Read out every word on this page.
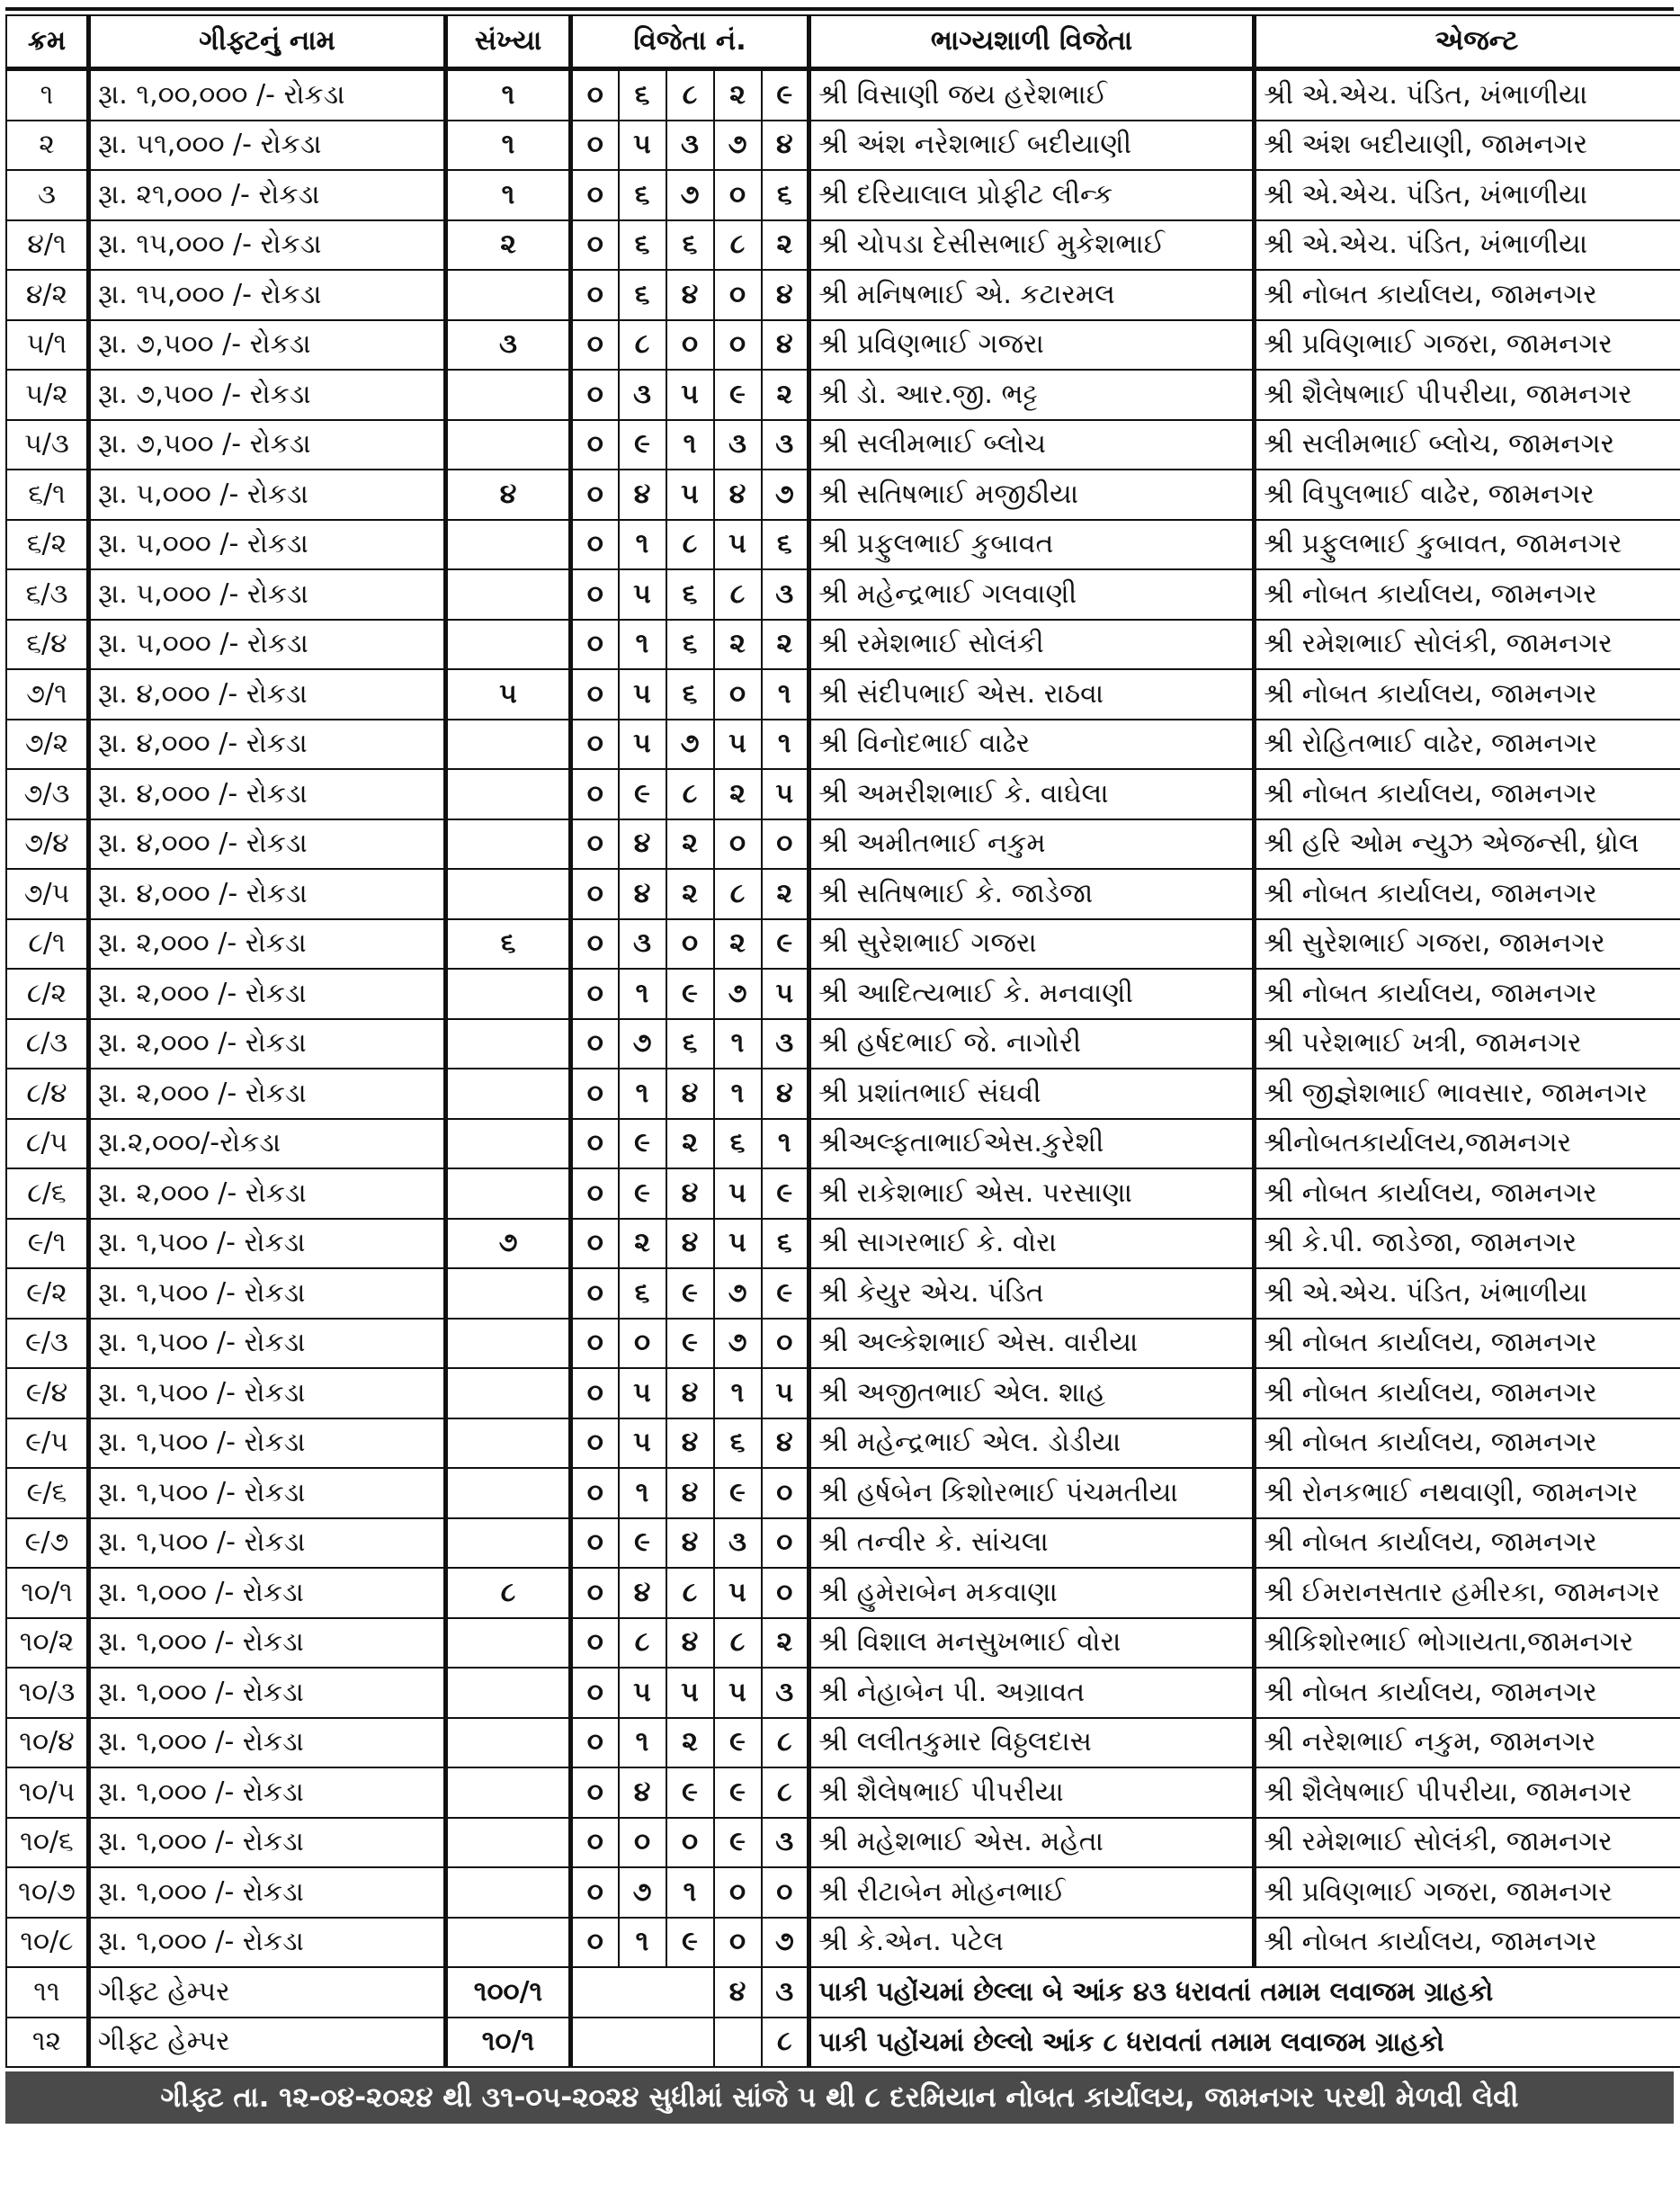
ક્રમ	ગીફ્ટનું નામ	સંખ્યા	વિજેતા નં.					ભાગ્યશાળી વિજેતા	એજન્ટ
૧	રૂા. ૧,૦૦,૦૦૦ /- રોકડા	૧	૦	૬	૮	૨	૯	શ્રી વિસાણી જય હરેશભાઈ	શ્રી એ.એચ. પંડિત, ખંભાળીયા
૨	રૂા. ૫૧,૦૦૦ /- રોકડા	૧	૦	૫	૩	૭	૪	શ્રી અંશ નરેશભાઈ બદીયાણી	શ્રી અંશ બદીયાણી, જામનગર
૩	રૂા. ૨૧,૦૦૦ /- રોકડા	૧	૦	૬	૭	૦	૬	શ્રી દરિયાલાલ પ્રોફીટ લીન્ક	શ્રી એ.એચ. પંડિત, ખંભાળીયા
૪/૧	રૂા. ૧૫,૦૦૦ /- રોકડા	૨	૦	૬	૬	૮	૨	શ્રી ચોપડા દેસીસભાઈ મુકેશભાઈ	શ્રી એ.એચ. પંડિત, ખંભાળીયા
૪/૨	રૂા. ૧૫,૦૦૦ /- રોકડા		૦	૬	૪	૦	૪	શ્રી મનિષભાઈ એ. કટારમલ	શ્રી નોબત કાર્યાલય, જામનગર
૫/૧	રૂા. ૭,૫૦૦ /- રોકડા	૩	૦	૮	૦	૦	૪	શ્રી પ્રવિણભાઈ ગજરા	શ્રી પ્રવિણભાઈ ગજરા, જામનગર
૫/૨	રૂા. ૭,૫૦૦ /- રોકડા		૦	૩	૫	૯	૨	શ્રી ડો. આર.જી. ભટ્ટ	શ્રી શૈલેષભાઈ પીપરીયા, જામનગર
૫/૩	રૂા. ૭,૫૦૦ /- રોકડા		૦	૯	૧	૩	૩	શ્રી સલીમભાઈ બ્લોચ	શ્રી સલીમભાઈ બ્લોચ, જામનગર
૬/૧	રૂા. ૫,૦૦૦ /- રોકડા	૪	૦	૪	૫	૪	૭	શ્રી સતિષભાઈ મજીઠીયા	શ્રી વિપુલભાઈ વાઢેર, જામનગર
૬/૨	રૂા. ૫,૦૦૦ /- રોકડા		૦	૧	૮	૫	૬	શ્રી પ્રફુલભાઈ કુબાવત	શ્રી પ્રફુલભાઈ કુબાવત, જામનગર
૬/૩	રૂા. ૫,૦૦૦ /- રોકડા		૦	૫	૬	૮	૩	શ્રી મહેન્દ્રભાઈ ગલવાણી	શ્રી નોબત કાર્યાલય, જામનગર
૬/૪	રૂા. ૫,૦૦૦ /- રોકડા		૦	૧	૬	૨	૨	શ્રી રમેશભાઈ સોલંકી	શ્રી રમેશભાઈ સોલંકી, જામનગર
૭/૧	રૂા. ૪,૦૦૦ /- રોકડા	૫	૦	૫	૬	૦	૧	શ્રી સંદીપભાઈ એસ. રાઠવા	શ્રી નોબત કાર્યાલય, જામનગર
૭/૨	રૂા. ૪,૦૦૦ /- રોકડા		૦	૫	૭	૫	૧	શ્રી વિનોદભાઈ વાઢેર	શ્રી રોહિતભાઈ વાઢેર, જામનગર
૭/૩	રૂા. ૪,૦૦૦ /- રોકડા		૦	૯	૮	૨	૫	શ્રી અમરીશભાઈ કે. વાઘેલા	શ્રી નોબત કાર્યાલય, જામનગર
૭/૪	રૂા. ૪,૦૦૦ /- રોકડા		૦	૪	૨	૦	૦	શ્રી અમીતભાઈ નકુમ	શ્રી હરિ ઓમ ન્યુઝ એજન્સી, ધ્રોલ
૭/૫	રૂા. ૪,૦૦૦ /- રોકડા		૦	૪	૨	૮	૨	શ્રી સતિષભાઈ કે. જાડેજા	શ્રી નોબત કાર્યાલય, જામનગર
૮/૧	રૂા. ૨,૦૦૦ /- રોકડા	૬	૦	૩	૦	૨	૯	શ્રી સુરેશભાઈ ગજરા	શ્રી સુરેશભાઈ ગજરા, જામનગર
૮/૨	રૂા. ૨,૦૦૦ /- રોકડા		૦	૧	૯	૭	૫	શ્રી આદિત્યભાઈ કે. મનવાણી	શ્રી નોબત કાર્યાલય, જામનગર
૮/૩	રૂા. ૨,૦૦૦ /- રોકડા		૦	૭	૬	૧	૩	શ્રી હર્ષદભાઈ જે. નાગોરી	શ્રી પરેશભાઈ ખત્રી, જામનગર
૮/૪	રૂા. ૨,૦૦૦ /- રોકડા		૦	૧	૪	૧	૪	શ્રી પ્રશાંતભાઈ સંઘવી	શ્રી જીજ્ઞેશભાઈ ભાવસાર, જામનગર
૮/૫	રૂા.૨,૦૦૦/-રોકડા		૦	૯	૨	૬	૧	શ્રીઅલ્ફતાભાઈએસ.કુરેશી	શ્રીનોબતકાર્યાલય,જામનગર
૮/૬	રૂા. ૨,૦૦૦ /- રોકડા		૦	૯	૪	૫	૯	શ્રી રાકેશભાઈ એસ. પરસાણા	શ્રી નોબત કાર્યાલય, જામનગર
૯/૧	રૂા. ૧,૫૦૦ /- રોકડા	૭	૦	૨	૪	૫	૬	શ્રી સાગરભાઈ કે. વોરા	શ્રી કે.પી. જાડેજા, જામનગર
૯/૨	રૂા. ૧,૫૦૦ /- રોકડા		૦	૬	૯	૭	૯	શ્રી કેયુર એચ. પંડિત	શ્રી એ.એચ. પંડિત, ખંભાળીયા
૯/૩	રૂા. ૧,૫૦૦ /- રોકડા		૦	૦	૯	૭	૦	શ્રી અલ્કેશભાઈ એસ. વારીયા	શ્રી નોબત કાર્યાલય, જામનગર
૯/૪	રૂા. ૧,૫૦૦ /- રોકડા		૦	૫	૪	૧	૫	શ્રી અજીતભાઈ એલ. શાહ	શ્રી નોબત કાર્યાલય, જામનગર
૯/૫	રૂા. ૧,૫૦૦ /- રોકડા		૦	૫	૪	૬	૪	શ્રી મહેન્દ્રભાઈ એલ. ડોડીયા	શ્રી નોબત કાર્યાલય, જામનગર
૯/૬	રૂા. ૧,૫૦૦ /- રોકડા		૦	૧	૪	૯	૦	શ્રી હર્ષબેન કિશોરભાઈ પંચમતીયા	શ્રી રોનકભાઈ નથવાણી, જામનગર
૯/૭	રૂા. ૧,૫૦૦ /- રોકડા		૦	૯	૪	૩	૦	શ્રી તન્વીર કે. સાંચલા	શ્રી નોબત કાર્યાલય, જામનગર
૧૦/૧	રૂા. ૧,૦૦૦ /- રોકડા	૮	૦	૪	૮	૫	૦	શ્રી હુમેરાબેન મકવાણા	શ્રી ઈમરાનસતાર હમીરકા, જામનગર
૧૦/૨	રૂા. ૧,૦૦૦ /- રોકડા		૦	૮	૪	૮	૨	શ્રી વિશાલ મનસુખભાઈ વોરા	શ્રીકિશોરભાઈ ભોગાયતા,જામનગર
૧૦/૩	રૂા. ૧,૦૦૦ /- રોકડા		૦	૫	૫	૫	૩	શ્રી નેહાબેન પી. અગ્રાવત	શ્રી નોબત કાર્યાલય, જામનગર
૧૦/૪	રૂા. ૧,૦૦૦ /- રોકડા		૦	૧	૨	૯	૮	શ્રી લલીતકુમાર વિઠ્ઠલદાસ	શ્રી નરેશભાઈ નકુમ, જામનગર
૧૦/૫	રૂા. ૧,૦૦૦ /- રોકડા		૦	૪	૯	૯	૮	શ્રી શૈલેષભાઈ પીપરીયા	શ્રી શૈલેષભાઈ પીપરીયા, જામનગર
૧૦/૬	રૂા. ૧,૦૦૦ /- રોકડા		૦	૦	૦	૯	૩	શ્રી મહેશભાઈ એસ. મહેતા	શ્રી રમેશભાઈ સોલંકી, જામનગર
૧૦/૭	રૂા. ૧,૦૦૦ /- રોકડા		૦	૭	૧	૦	૦	શ્રી રીટાબેન મોહનભાઈ	શ્રી પ્રવિણભાઈ ગજરા, જામનગર
૧૦/૮	રૂા. ૧,૦૦૦ /- રોકડા		૦	૧	૯	૦	૭	શ્રી કે.એન. પટેલ	શ્રી નોબત કાર્યાલય, જામનગર
૧૧	ગીફ્ટ હેમ્પર	૧૦૦/૧				૪	૩	પાકી પહોંચમાં છેલ્લા બે આંક ૪૩ ધરાવતાં તમામ લવાજમ ગ્રાહકો	
૧૨	ગીફ્ટ હેમ્પર	૧૦/૧					૮	પાકી પહોંચમાં છેલ્લો આંક ૮ ધરાવતાં તમામ લવાજમ ગ્રાહકો	
ગીફ્ટ તા. ૧૨-૦૪-૨૦૨૪ થી ૩૧-૦૫-૨૦૨૪ સુધીમાં સાંજે ૫ થી ૮ દરમિયાન નોબત કાર્યાલય, જામનગર પરથી મેળવી લેવી
